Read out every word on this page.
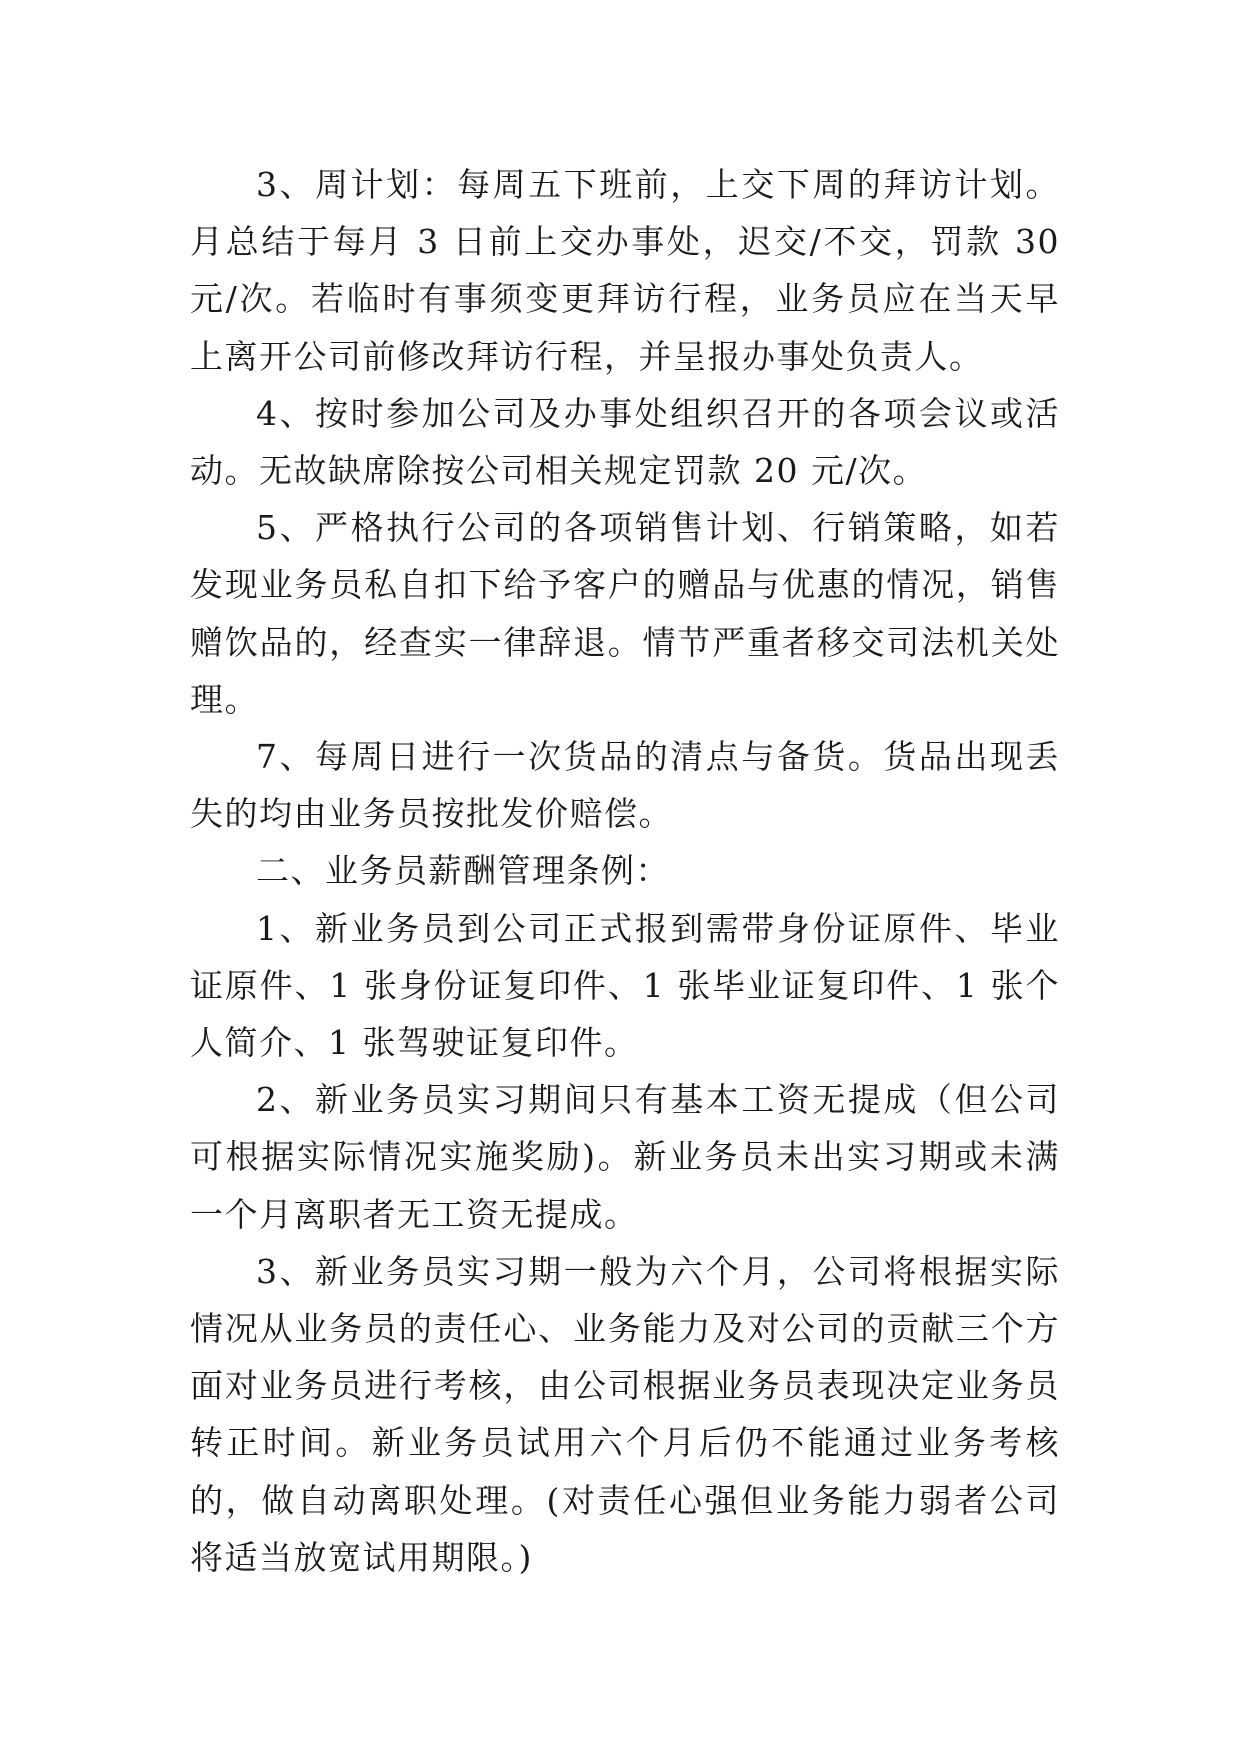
3、周计划：每周五下班前，上交下周的拜访计划。月总结于每月 3 日前上交办事处，迟交/不交，罚款 30 元/次。若临时有事须变更拜访行程，业务员应在当天早上离开公司前修改拜访行程，并呈报办事处负责人。

4、按时参加公司及办事处组织召开的各项会议或活动。无故缺席除按公司相关规定罚款 20 元/次。

5、严格执行公司的各项销售计划、行销策略，如若发现业务员私自扣下给予客户的赠品与优惠的情况，销售赠饮品的，经查实一律辞退。情节严重者移交司法机关处理。

7、每周日进行一次货品的清点与备货。货品出现丢失的均由业务员按批发价赔偿。

二、业务员薪酬管理条例：

1、新业务员到公司正式报到需带身份证原件、毕业证原件、1 张身份证复印件、1 张毕业证复印件、1 张个人简介、1 张驾驶证复印件。

2、新业务员实习期间只有基本工资无提成（但公司可根据实际情况实施奖励)。新业务员未出实习期或未满一个月离职者无工资无提成。

3、新业务员实习期一般为六个月，公司将根据实际情况从业务员的责任心、业务能力及对公司的贡献三个方面对业务员进行考核，由公司根据业务员表现决定业务员转正时间。新业务员试用六个月后仍不能通过业务考核的，做自动离职处理。(对责任心强但业务能力弱者公司将适当放宽试用期限。)
